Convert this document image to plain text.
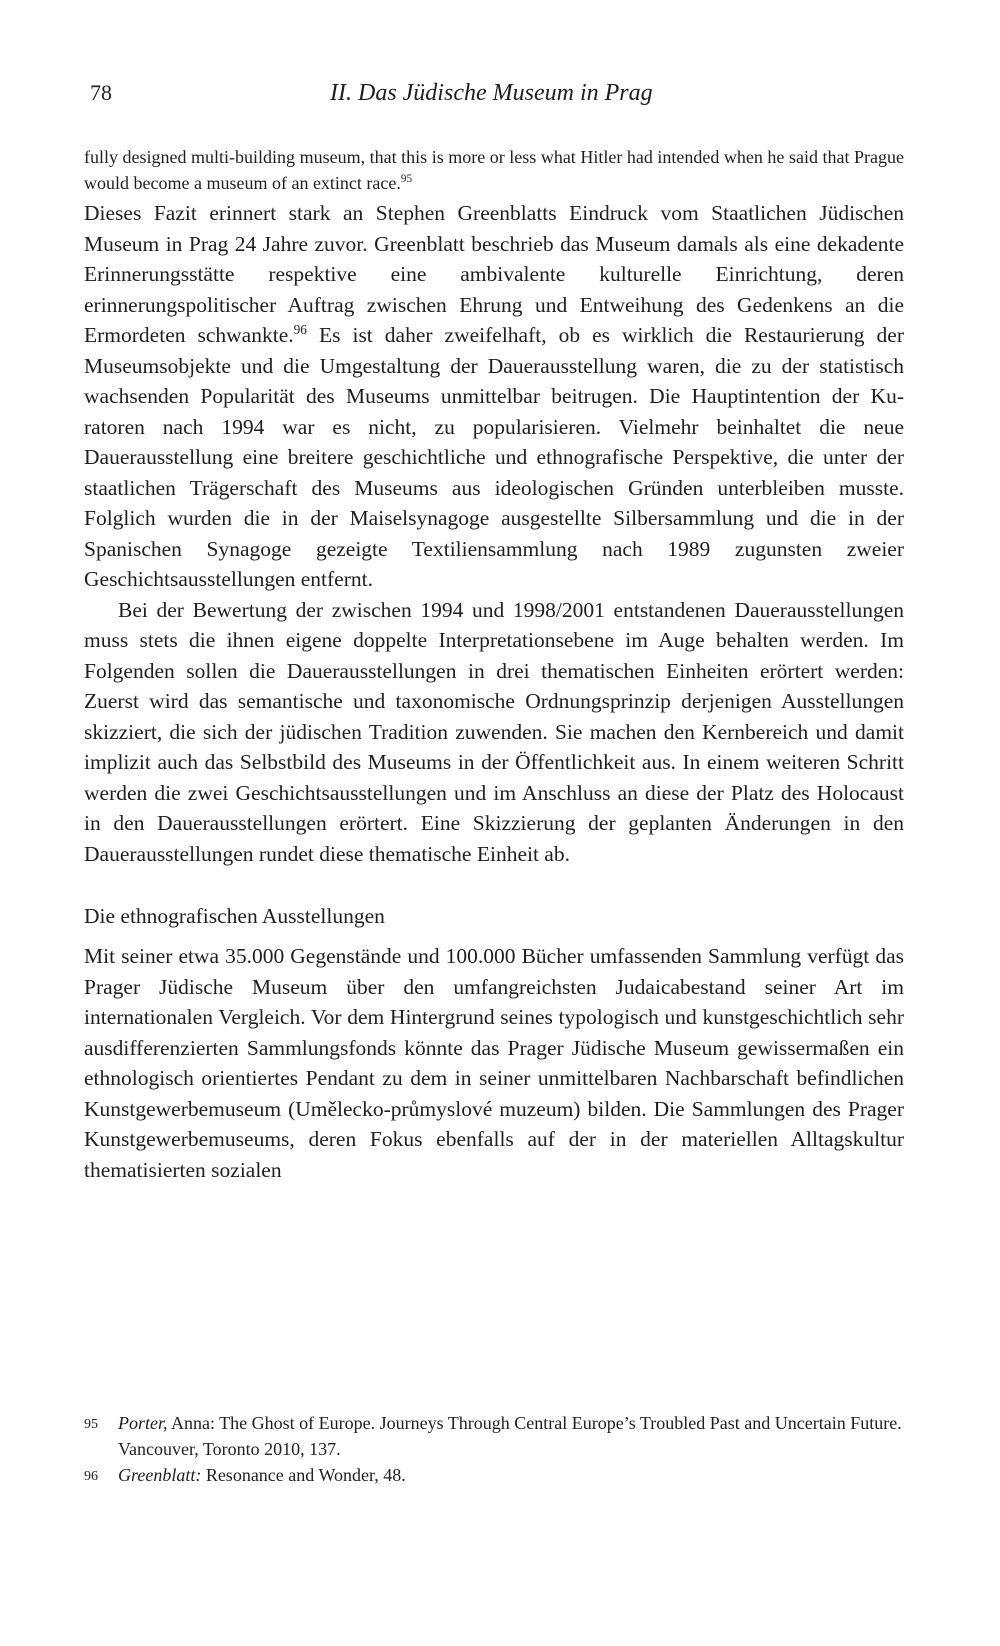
78	II. Das Jüdische Museum in Prag

fully designed multi-building museum, that this is more or less what Hitler had intended when he said that Prague would become a museum of an extinct race.$^{95}$

Dieses Fazit erinnert stark an Stephen Greenblatts Eindruck vom Staatlichen Jüdischen Museum in Prag 24 Jahre zuvor. Greenblatt beschrieb das Museum damals als eine dekadente Erinnerungsstätte respektive eine ambivalente kulturelle Einrichtung, deren erinnerungspolitischer Auftrag zwischen Ehrung und Entweihung des Gedenkens an die Ermordeten schwankte.$^{96}$ Es ist daher zweifelhaft, ob es wirklich die Restaurierung der Museumsobjekte und die Umgestaltung der Dauerausstellung waren, die zu der statistisch wachsenden Popularität des Museums unmittelbar beitrugen. Die Hauptintention der Kuratoren nach 1994 war es nicht, zu popularisieren. Vielmehr beinhaltet die neue Dauerausstellung eine breitere geschichtliche und ethnografische Perspektive, die unter der staatlichen Trägerschaft des Museums aus ideologischen Gründen unterbleiben musste. Folglich wurden die in der Maiselsynagoge ausgestellte Silbersammlung und die in der Spanischen Synagoge gezeigte Textiliensammlung nach 1989 zugunsten zweier Geschichtsausstellungen entfernt.

Bei der Bewertung der zwischen 1994 und 1998/2001 entstandenen Dauerausstellungen muss stets die ihnen eigene doppelte Interpretationsebene im Auge behalten werden. Im Folgenden sollen die Dauerausstellungen in drei thematischen Einheiten erörtert werden: Zuerst wird das semantische und taxonomische Ordnungsprinzip derjenigen Ausstellungen skizziert, die sich der jüdischen Tradition zuwenden. Sie machen den Kernbereich und damit implizit auch das Selbstbild des Museums in der Öffentlichkeit aus. In einem weiteren Schritt werden die zwei Geschichtsausstellungen und im Anschluss an diese der Platz des Holocaust in den Dauerausstellungen erörtert. Eine Skizzierung der geplanten Änderungen in den Dauerausstellungen rundet diese thematische Einheit ab.

Die ethnografischen Ausstellungen

Mit seiner etwa 35.000 Gegenstände und 100.000 Bücher umfassenden Sammlung verfügt das Prager Jüdische Museum über den umfangreichsten Judaicabestand seiner Art im internationalen Vergleich. Vor dem Hintergrund seines typologisch und kunstgeschichtlich sehr ausdifferenzierten Sammlungsfonds könnte das Prager Jüdische Museum gewissermaßen ein ethnologisch orientiertes Pendant zu dem in seiner unmittelbaren Nachbarschaft befindlichen Kunstgewerbemuseum (Umělecko-průmyslové muzeum) bilden. Die Sammlungen des Prager Kunstgewerbemuseums, deren Fokus ebenfalls auf der in der materiellen Alltagskultur thematisierten sozialen

95	Porter, Anna: The Ghost of Europe. Journeys Through Central Europe’s Troubled Past and Uncertain Future. Vancouver, Toronto 2010, 137.

96	Greenblatt: Resonance and Wonder, 48.
